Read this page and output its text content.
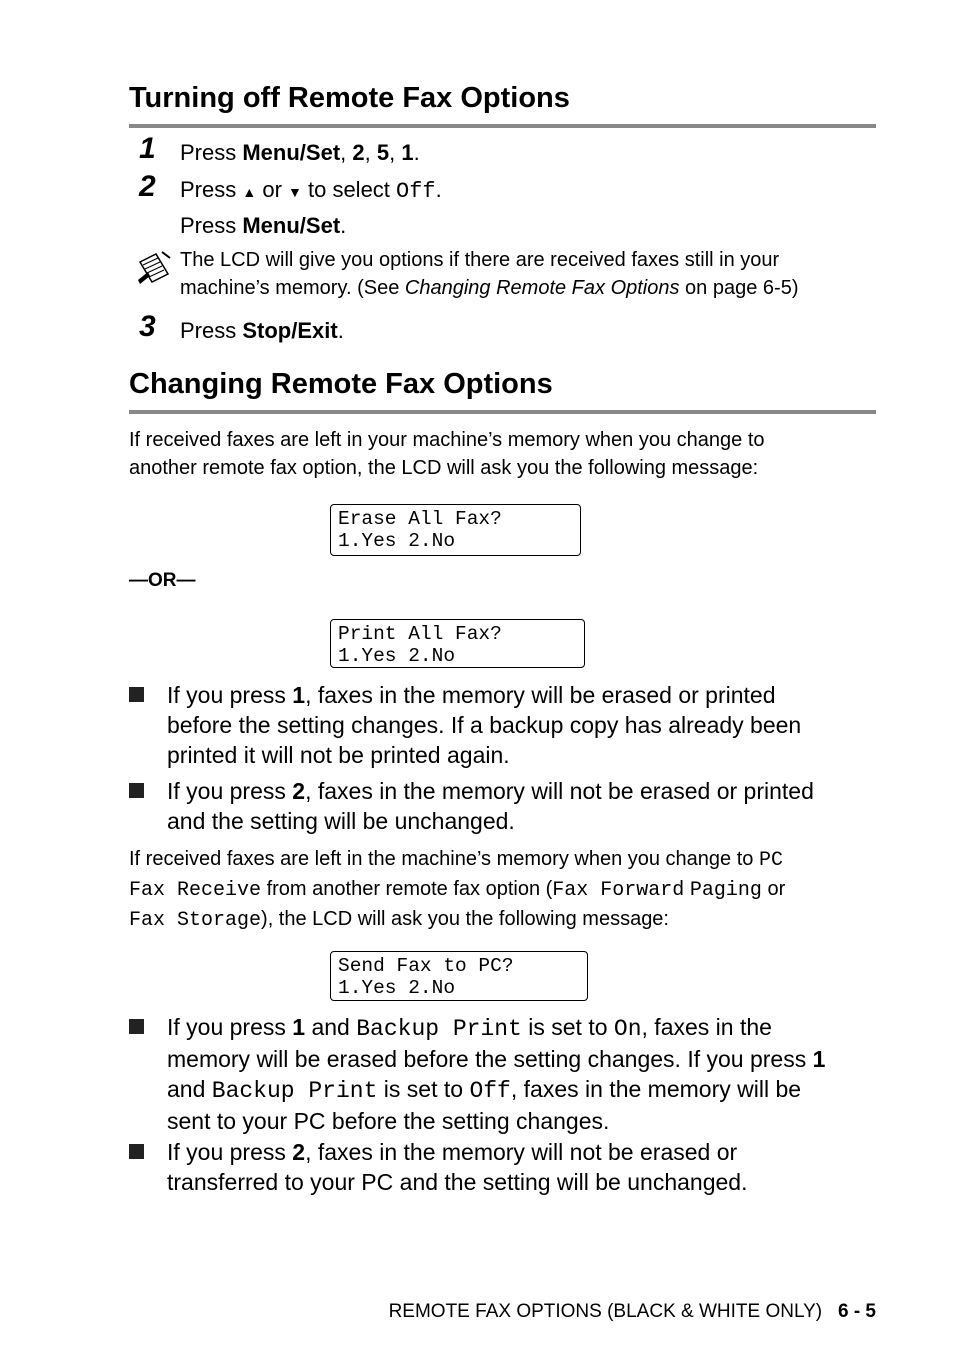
Turning off Remote Fax Options
1 Press Menu/Set, 2, 5, 1.
2 Press ▲ or ▼ to select Off.
Press Menu/Set.
The LCD will give you options if there are received faxes still in your
machine’s memory. (See Changing Remote Fax Options on page 6-5)
3 Press Stop/Exit.
Changing Remote Fax Options
If received faxes are left in your machine’s memory when you change to
another remote fax option, the LCD will ask you the following message:
Erase All Fax?
1.Yes 2.No
—OR—
Print All Fax?
1.Yes 2.No
If you press 1, faxes in the memory will be erased or printed
before the setting changes. If a backup copy has already been
printed it will not be printed again.
If you press 2, faxes in the memory will not be erased or printed
and the setting will be unchanged.
If received faxes are left in the machine’s memory when you change to PC
Fax Receive from another remote fax option (Fax Forward Paging or
Fax Storage), the LCD will ask you the following message:
Send Fax to PC?
1.Yes 2.No
If you press 1 and Backup Print is set to On, faxes in the
memory will be erased before the setting changes. If you press 1
and Backup Print is set to Off, faxes in the memory will be
sent to your PC before the setting changes.
If you press 2, faxes in the memory will not be erased or
transferred to your PC and the setting will be unchanged.
REMOTE FAX OPTIONS (BLACK & WHITE ONLY) 6 - 5
